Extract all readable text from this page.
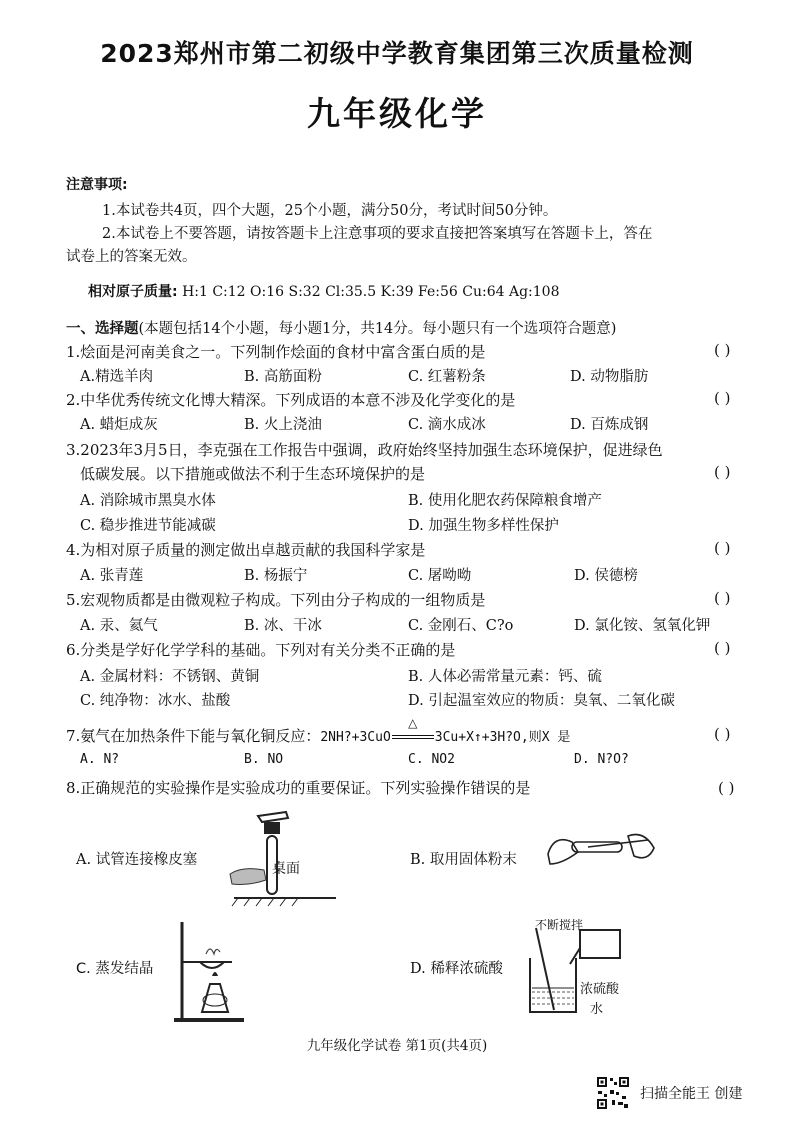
2023郑州市第二初级中学教育集团第三次质量检测
九年级化学
注意事项:
1.本试卷共4页，四个大题，25个小题，满分50分，考试时间50分钟。
2.本试卷上不要答题，请按答题卡上注意事项的要求直接把答案填写在答题卡上，答在
试卷上的答案无效。
相对原子质量: H:1 C:12 O:16 S:32 Cl:35.5 K:39 Fe:56 Cu:64 Ag:108
一、选择题(本题包括14个小题，每小题1分，共14分。每小题只有一个选项符合题意)
1.烩面是河南美食之一。下列制作烩面的食材中富含蛋白质的是	( )
A.精选羊肉	B. 高筋面粉	C. 红薯粉条	D. 动物脂肪
2.中华优秀传统文化博大精深。下列成语的本意不涉及化学变化的是	( )
A. 蜡炬成灰	B. 火上浇油	C. 滴水成冰	D. 百炼成钢
3.2023年3月5日，李克强在工作报告中强调，政府始终坚持加强生态环境保护，促进绿色
低碳发展。以下措施或做法不利于生态环境保护的是	( )
A. 消除城市黑臭水体	B. 使用化肥农药保障粮食增产
C. 稳步推进节能减碳	D. 加强生物多样性保护
4.为相对原子质量的测定做出卓越贡献的我国科学家是	( )
A. 张青莲	B. 杨振宁	C. 屠呦呦	D. 侯德榜
5.宏观物质都是由微观粒子构成。下列由分子构成的一组物质是	( )
A. 汞、氦气	B. 冰、干冰	C. 金刚石、C?o	D. 氯化铵、氢氧化钾
6.分类是学好化学学科的基础。下列对有关分类不正确的是	( )
A. 金属材料：不锈钢、黄铜	B. 人体必需常量元素：钙、硫
C. 纯净物：冰水、盐酸	D. 引起温室效应的物质：臭氧、二氧化碳
7.氨气在加热条件下能与氧化铜反应：2NH?+3CuO
△
3Cu+X↑+3H?O,则X 是	( )
A. N?	B. NO	C. NO2	D. N?O?
8.正确规范的实验操作是实验成功的重要保证。下列实验操作错误的是	( )
A. 试管连接橡皮塞
桌面
B. 取用固体粉末
C. 蒸发结晶	D. 稀释浓硫酸
不断搅拌
浓硫酸
水
九年级化学试卷 第1页(共4页)
扫描全能王 创建
